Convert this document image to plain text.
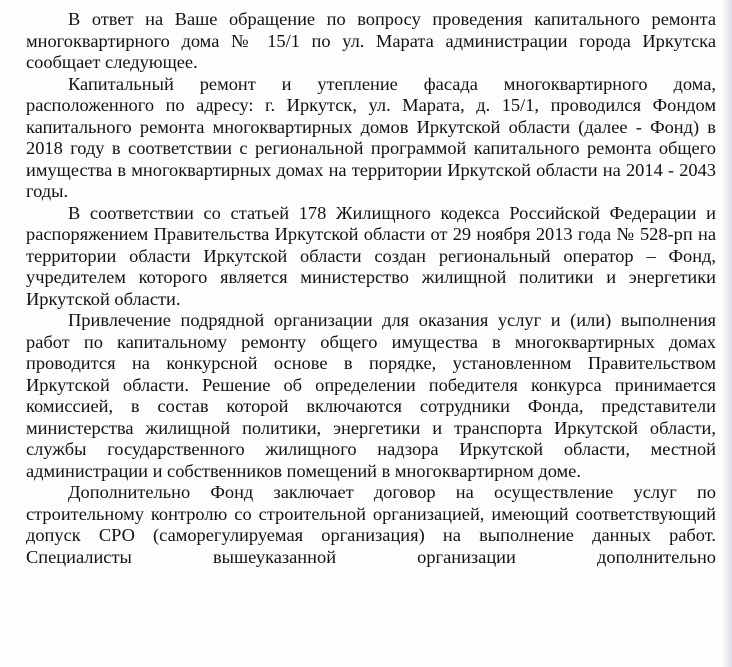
В ответ на Ваше обращение по вопросу проведения капитального ремонта многоквартирного дома № 15/1 по ул. Марата администрации города Иркутска сообщает следующее.

Капитальный ремонт и утепление фасада многоквартирного дома, расположенного по адресу: г. Иркутск, ул. Марата, д. 15/1, проводился Фондом капитального ремонта многоквартирных домов Иркутской области (далее - Фонд) в 2018 году в соответствии с региональной программой капитального ремонта общего имущества в многоквартирных домах на территории Иркутской области на 2014 - 2043 годы.

В соответствии со статьей 178 Жилищного кодекса Российской Федерации и распоряжением Правительства Иркутской области от 29 ноября 2013 года № 528-рп на территории области Иркутской области создан региональный оператор – Фонд, учредителем которого является министерство жилищной политики и энергетики Иркутской области.

Привлечение подрядной организации для оказания услуг и (или) выполнения работ по капитальному ремонту общего имущества в многоквартирных домах проводится на конкурсной основе в порядке, установленном Правительством Иркутской области. Решение об определении победителя конкурса принимается комиссией, в состав которой включаются сотрудники Фонда, представители министерства жилищной политики, энергетики и транспорта Иркутской области, службы государственного жилищного надзора Иркутской области, местной администрации и собственников помещений в многоквартирном доме.

Дополнительно Фонд заключает договор на осуществление услуг по строительному контролю со строительной организацией, имеющий соответствующий допуск СРО (саморегулируемая организация) на выполнение данных работ. Специалисты вышеуказанной организации дополнительно
